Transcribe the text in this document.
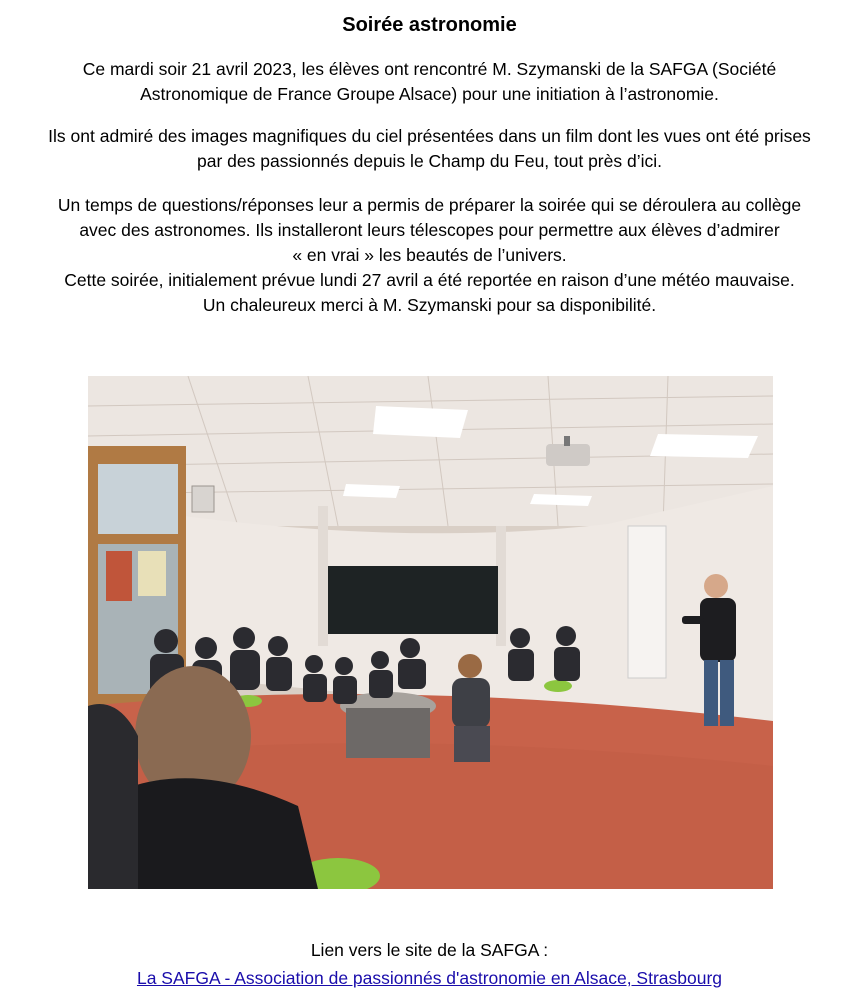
Soirée astronomie

Ce mardi soir 21 avril 2023, les élèves ont rencontré M. Szymanski de la SAFGA (Société
Astronomique de France Groupe Alsace) pour une initiation à l’astronomie.

Ils ont admiré des images magnifiques du ciel présentées dans un film dont les vues ont été prises
par des passionnés depuis le Champ du Feu, tout près d’ici.

Un temps de questions/réponses leur a permis de préparer la soirée qui se déroulera au collège
avec des astronomes. Ils installeront leurs télescopes pour permettre aux élèves d’admirer
« en vrai » les beautés de l’univers.
Cette soirée, initialement prévue lundi 27 avril a été reportée en raison d’une météo mauvaise.
Un chaleureux merci à M. Szymanski pour sa disponibilité.

Lien vers le site de la SAFGA :
La SAFGA - Association de passionnés d'astronomie en Alsace, Strasbourg
